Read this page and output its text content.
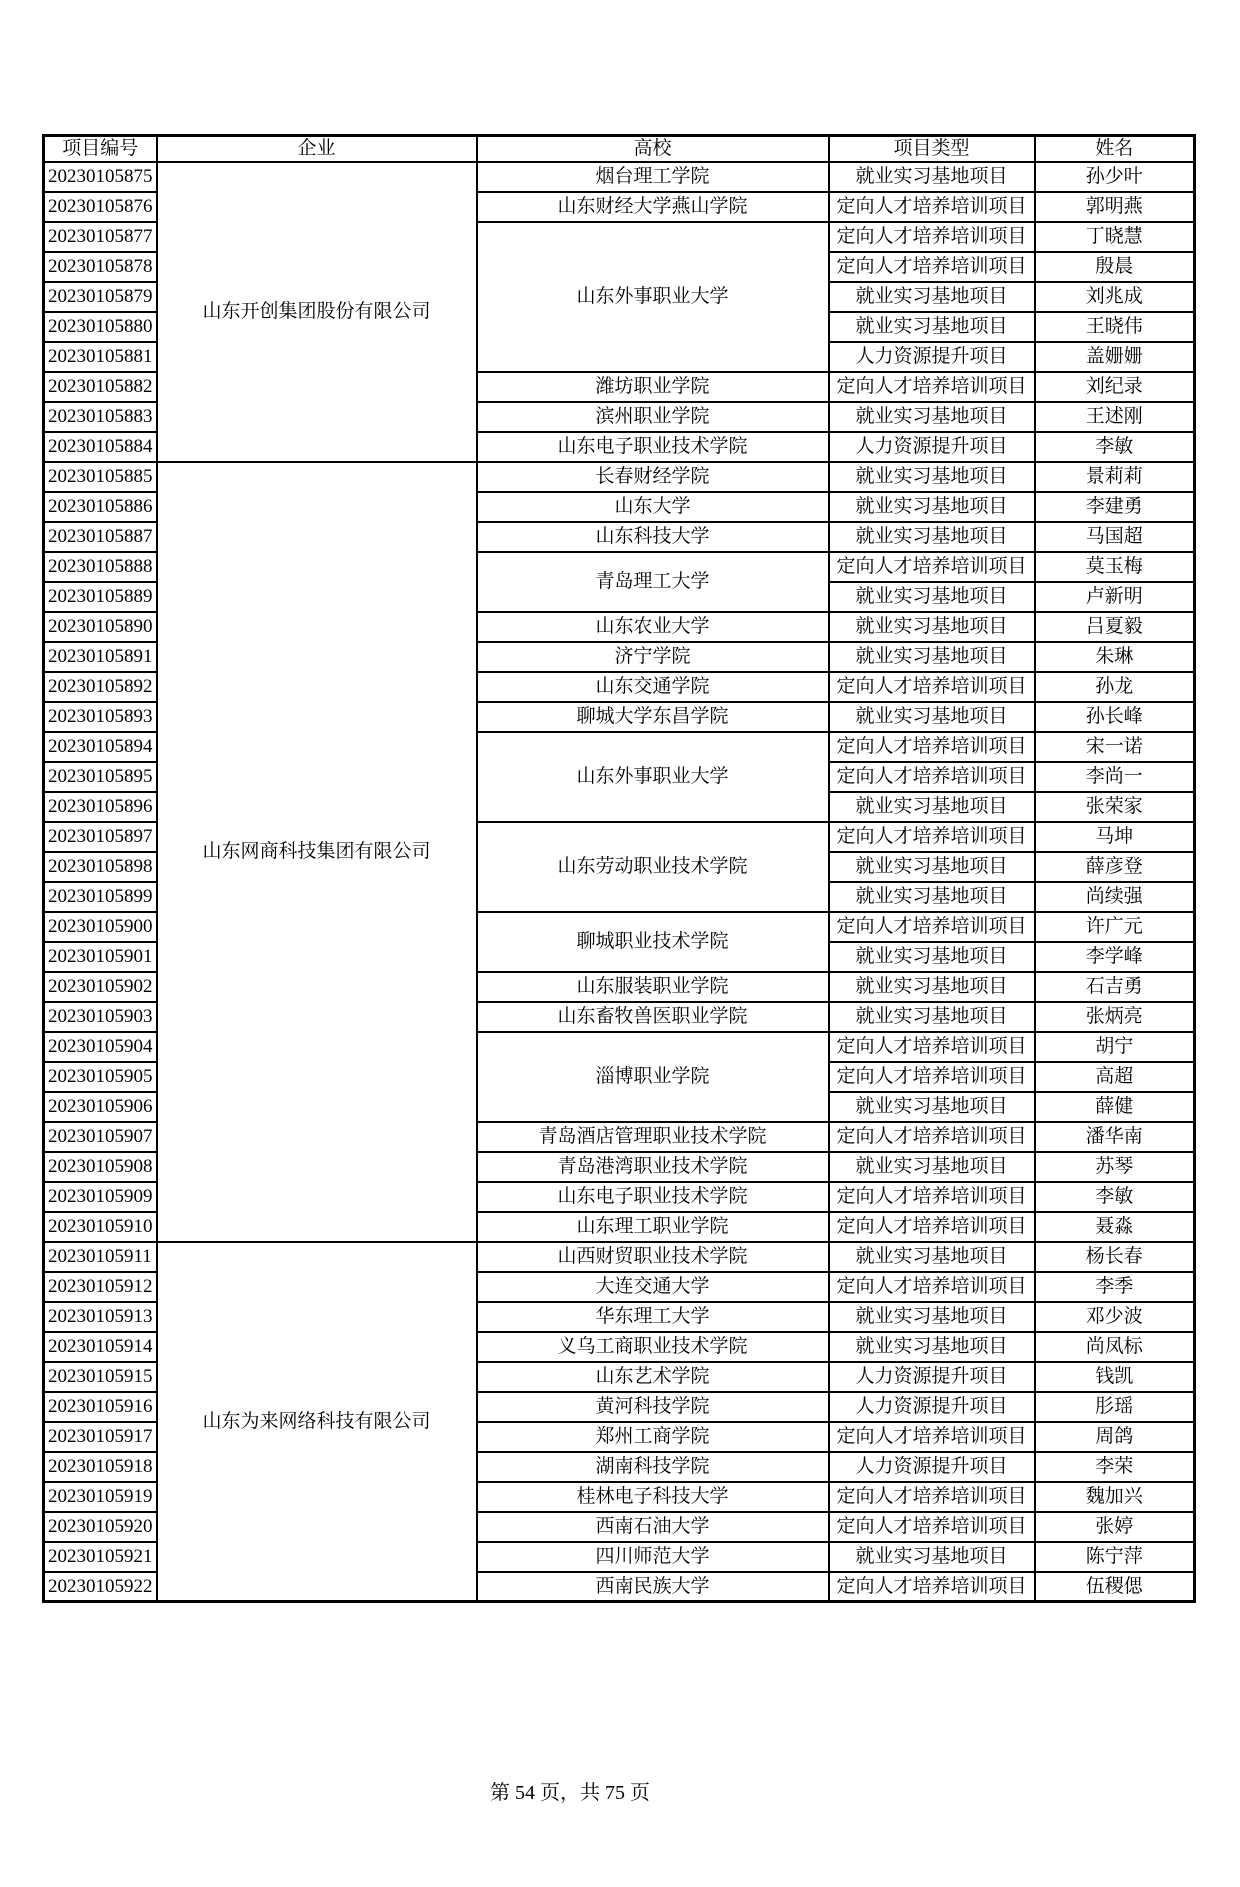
项目编号	企业	高校	项目类型	姓名
20230105875	山东开创集团股份有限公司	烟台理工学院	就业实习基地项目	孙少叶
20230105876		山东财经大学燕山学院	定向人才培养培训项目	郭明燕
20230105877		山东外事职业大学	定向人才培养培训项目	丁晓慧
20230105878			定向人才培养培训项目	殷晨
20230105879			就业实习基地项目	刘兆成
20230105880			就业实习基地项目	王晓伟
20230105881			人力资源提升项目	盖姗姗
20230105882		潍坊职业学院	定向人才培养培训项目	刘纪录
20230105883		滨州职业学院	就业实习基地项目	王述刚
20230105884		山东电子职业技术学院	人力资源提升项目	李敏
20230105885	山东网商科技集团有限公司	长春财经学院	就业实习基地项目	景莉莉
20230105886		山东大学	就业实习基地项目	李建勇
20230105887		山东科技大学	就业实习基地项目	马国超
20230105888		青岛理工大学	定向人才培养培训项目	莫玉梅
20230105889			就业实习基地项目	卢新明
20230105890		山东农业大学	就业实习基地项目	吕夏毅
20230105891		济宁学院	就业实习基地项目	朱琳
20230105892		山东交通学院	定向人才培养培训项目	孙龙
20230105893		聊城大学东昌学院	就业实习基地项目	孙长峰
20230105894		山东外事职业大学	定向人才培养培训项目	宋一诺
20230105895			定向人才培养培训项目	李尚一
20230105896			就业实习基地项目	张荣家
20230105897		山东劳动职业技术学院	定向人才培养培训项目	马坤
20230105898			就业实习基地项目	薛彦登
20230105899			就业实习基地项目	尚续强
20230105900		聊城职业技术学院	定向人才培养培训项目	许广元
20230105901			就业实习基地项目	李学峰
20230105902		山东服装职业学院	就业实习基地项目	石吉勇
20230105903		山东畜牧兽医职业学院	就业实习基地项目	张炳亮
20230105904		淄博职业学院	定向人才培养培训项目	胡宁
20230105905			定向人才培养培训项目	高超
20230105906			就业实习基地项目	薛健
20230105907		青岛酒店管理职业技术学院	定向人才培养培训项目	潘华南
20230105908		青岛港湾职业技术学院	就业实习基地项目	苏琴
20230105909		山东电子职业技术学院	定向人才培养培训项目	李敏
20230105910		山东理工职业学院	定向人才培养培训项目	聂淼
20230105911	山东为来网络科技有限公司	山西财贸职业技术学院	就业实习基地项目	杨长春
20230105912		大连交通大学	定向人才培养培训项目	李季
20230105913		华东理工大学	就业实习基地项目	邓少波
20230105914		义乌工商职业技术学院	就业实习基地项目	尚凤标
20230105915		山东艺术学院	人力资源提升项目	钱凯
20230105916		黄河科技学院	人力资源提升项目	肜瑶
20230105917		郑州工商学院	定向人才培养培训项目	周鸽
20230105918		湖南科技学院	人力资源提升项目	李荣
20230105919		桂林电子科技大学	定向人才培养培训项目	魏加兴
20230105920		西南石油大学	定向人才培养培训项目	张婷
20230105921		四川师范大学	就业实习基地项目	陈宁萍
20230105922		西南民族大学	定向人才培养培训项目	伍稷偲
第 54 页，共 75 页
